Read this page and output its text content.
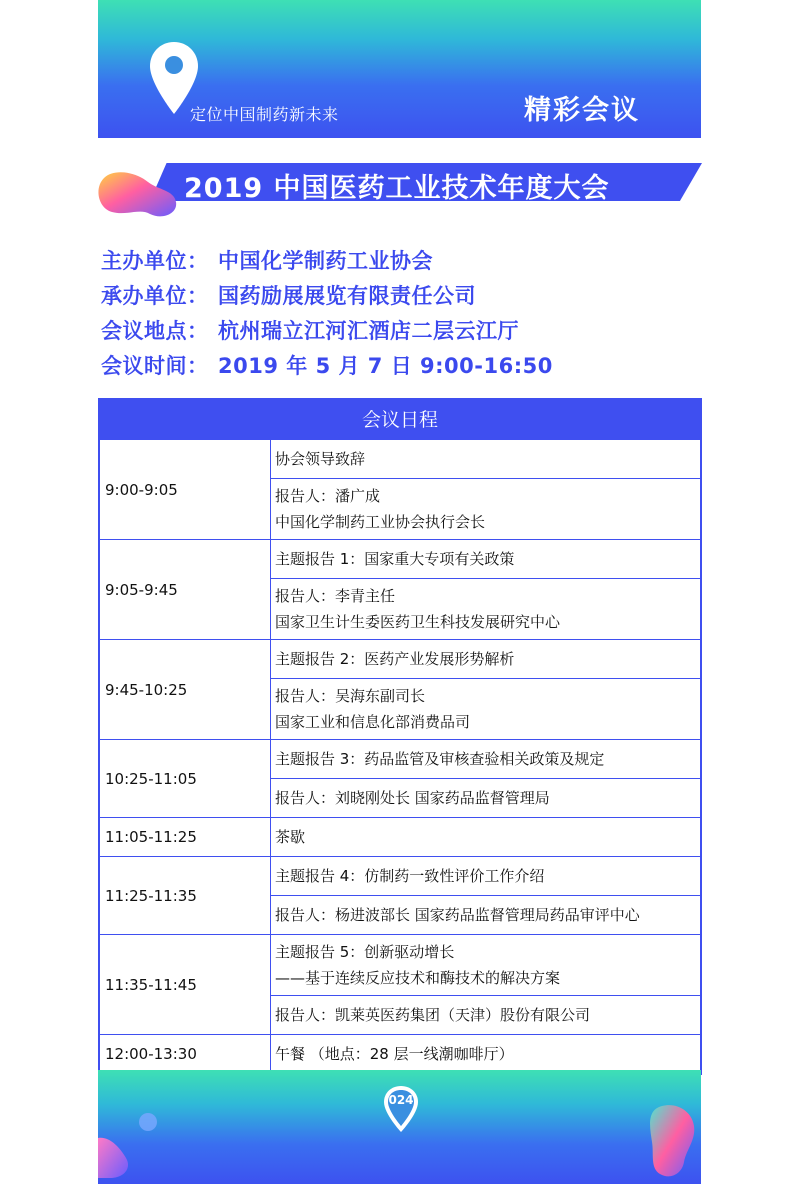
定位中国制药新未来	精彩会议
2019 中国医药工业技术年度大会
主办单位： 中国化学制药工业协会
承办单位： 国药励展展览有限责任公司
会议地点： 杭州瑞立江河汇酒店二层云江厅
会议时间： 2019 年 5 月 7 日 9:00-16:50
会议日程
9:00-9:05	协会领导致辞

	报告人：潘广成
中国化学制药工业协会执行会长

9:05-9:45	主题报告 1：国家重大专项有关政策

	报告人：李青主任
国家卫生计生委医药卫生科技发展研究中心

9:45-10:25	主题报告 2：医药产业发展形势解析

	报告人：吴海东副司长
国家工业和信息化部消费品司

10:25-11:05	主题报告 3：药品监管及审核查验相关政策及规定

	报告人：刘晓刚处长 国家药品监督管理局

11:05-11:25	茶歇

11:25-11:35	主题报告 4：仿制药一致性评价工作介绍

	报告人：杨进波部长 国家药品监督管理局药品审评中心

11:35-11:45	主题报告 5：创新驱动增长
——基于连续反应技术和酶技术的解决方案

	报告人：凯莱英医药集团（天津）股份有限公司

12:00-13:30	午餐 （地点：28 层一线潮咖啡厅）
024
